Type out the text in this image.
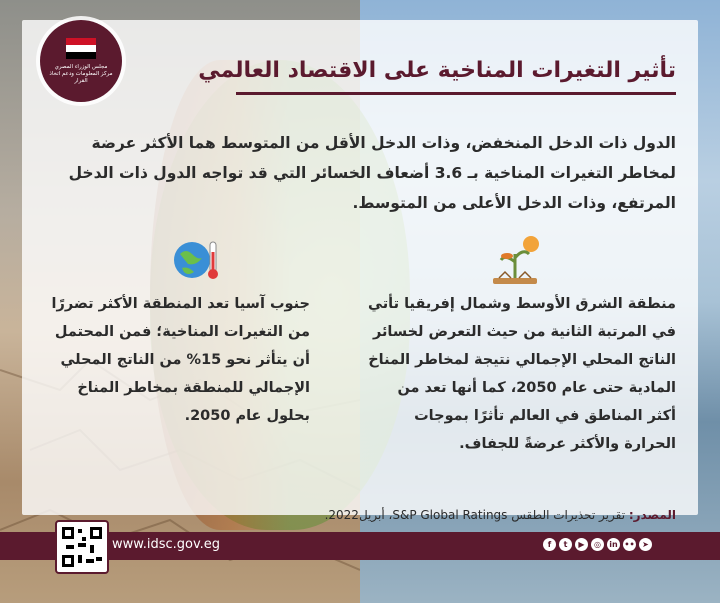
مجلس الوزراء المصري مركز المعلومات ودعم اتخاذ القرار	تأثير التغيرات المناخية على الاقتصاد العالمي

الدول ذات الدخل المنخفض، وذات الدخل الأقل من المتوسط هما الأكثر عرضة لمخاطر التغيرات المناخية بـ 3.6 أضعاف الخسائر التي قد تواجه الدول ذات الدخل المرتفع، وذات الدخل الأعلى من المتوسط.

منطقة الشرق الأوسط وشمال إفريقيا تأتي في المرتبة الثانية من حيث التعرض لخسائر الناتج المحلي الإجمالي نتيجة لمخاطر المناخ المادية حتى عام 2050، كما أنها تعد من أكثر المناطق في العالم تأثرًا بموجات الحرارة والأكثر عرضةً للجفاف.

جنوب آسيا تعد المنطقة الأكثر تضررًا من التغيرات المناخية؛ فمن المحتمل أن يتأثر نحو 15% من الناتج المحلي الإجمالي للمنطقة بمخاطر المناخ بحلول عام 2050.

المصدر: تقرير تحذيرات الطقس S&P Global Ratings، أبريل2022.

www.idsc.gov.eg	f	t	▶	◎	in •• ➤
